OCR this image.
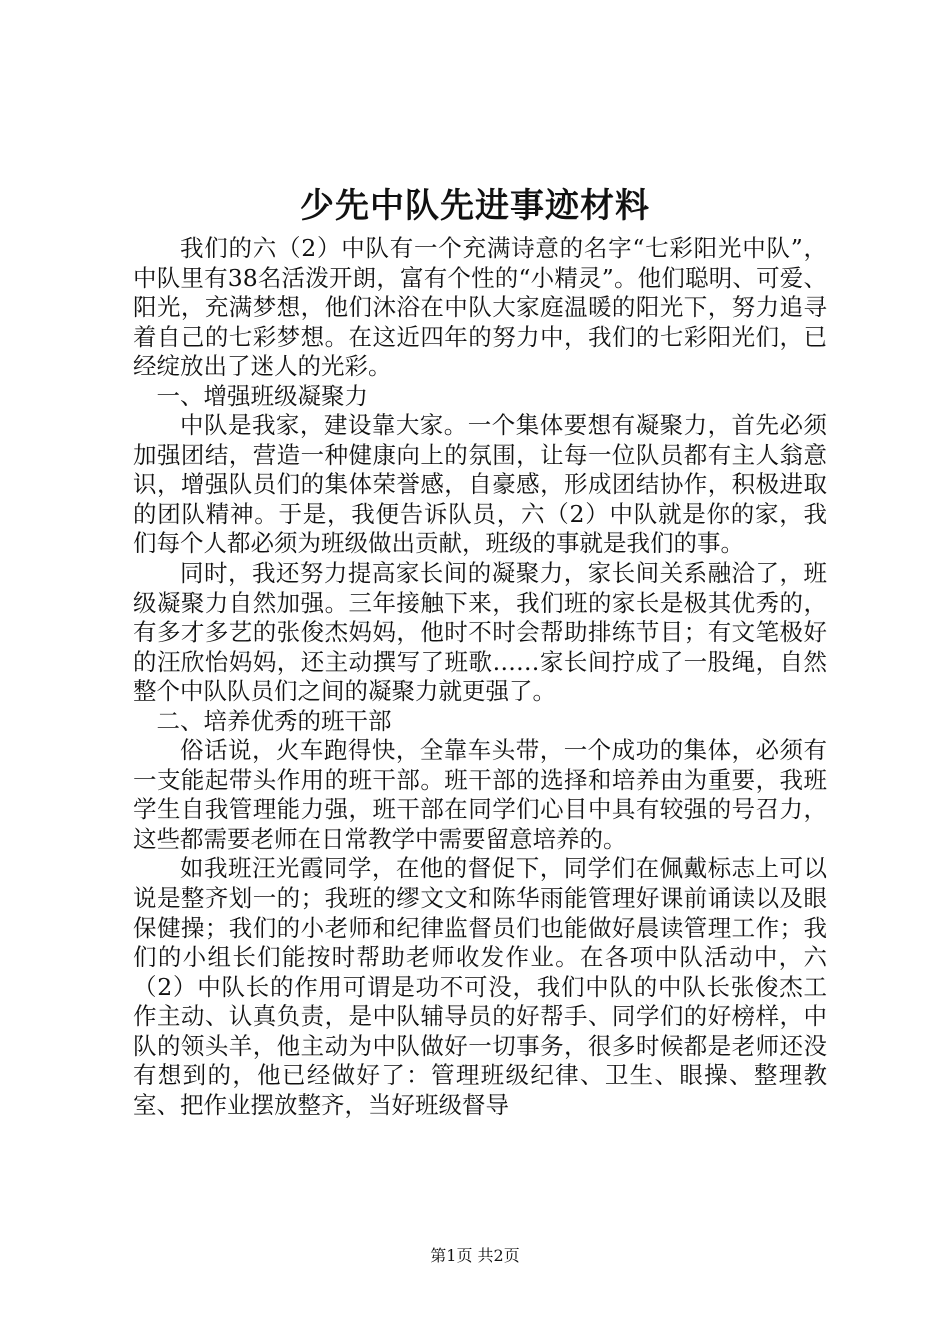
少先中队先进事迹材料

我们的六（2）中队有一个充满诗意的名字“七彩阳光中队”，中队里有38名活泼开朗，富有个性的“小精灵”。他们聪明、可爱、阳光，充满梦想，他们沐浴在中队大家庭温暖的阳光下，努力追寻着自己的七彩梦想。在这近四年的努力中，我们的七彩阳光们，已经绽放出了迷人的光彩。

一、增强班级凝聚力

中队是我家，建设靠大家。一个集体要想有凝聚力，首先必须加强团结，营造一种健康向上的氛围，让每一位队员都有主人翁意识，增强队员们的集体荣誉感，自豪感，形成团结协作，积极进取的团队精神。于是，我便告诉队员，六（2）中队就是你的家，我们每个人都必须为班级做出贡献，班级的事就是我们的事。

同时，我还努力提高家长间的凝聚力，家长间关系融洽了，班级凝聚力自然加强。三年接触下来，我们班的家长是极其优秀的，有多才多艺的张俊杰妈妈，他时不时会帮助排练节目；有文笔极好的汪欣怡妈妈，还主动撰写了班歌……家长间拧成了一股绳，自然整个中队队员们之间的凝聚力就更强了。

二、培养优秀的班干部

俗话说，火车跑得快，全靠车头带，一个成功的集体，必须有一支能起带头作用的班干部。班干部的选择和培养由为重要，我班学生自我管理能力强，班干部在同学们心目中具有较强的号召力，这些都需要老师在日常教学中需要留意培养的。

如我班汪光霞同学，在他的督促下，同学们在佩戴标志上可以说是整齐划一的；我班的缪文文和陈华雨能管理好课前诵读以及眼保健操；我们的小老师和纪律监督员们也能做好晨读管理工作；我们的小组长们能按时帮助老师收发作业。在各项中队活动中，六（2）中队长的作用可谓是功不可没，我们中队的中队长张俊杰工作主动、认真负责，是中队辅导员的好帮手、同学们的好榜样，中队的领头羊，他主动为中队做好一切事务，很多时候都是老师还没有想到的，他已经做好了：管理班级纪律、卫生、眼操、整理教室、把作业摆放整齐，当好班级督导

第1页 共2页
